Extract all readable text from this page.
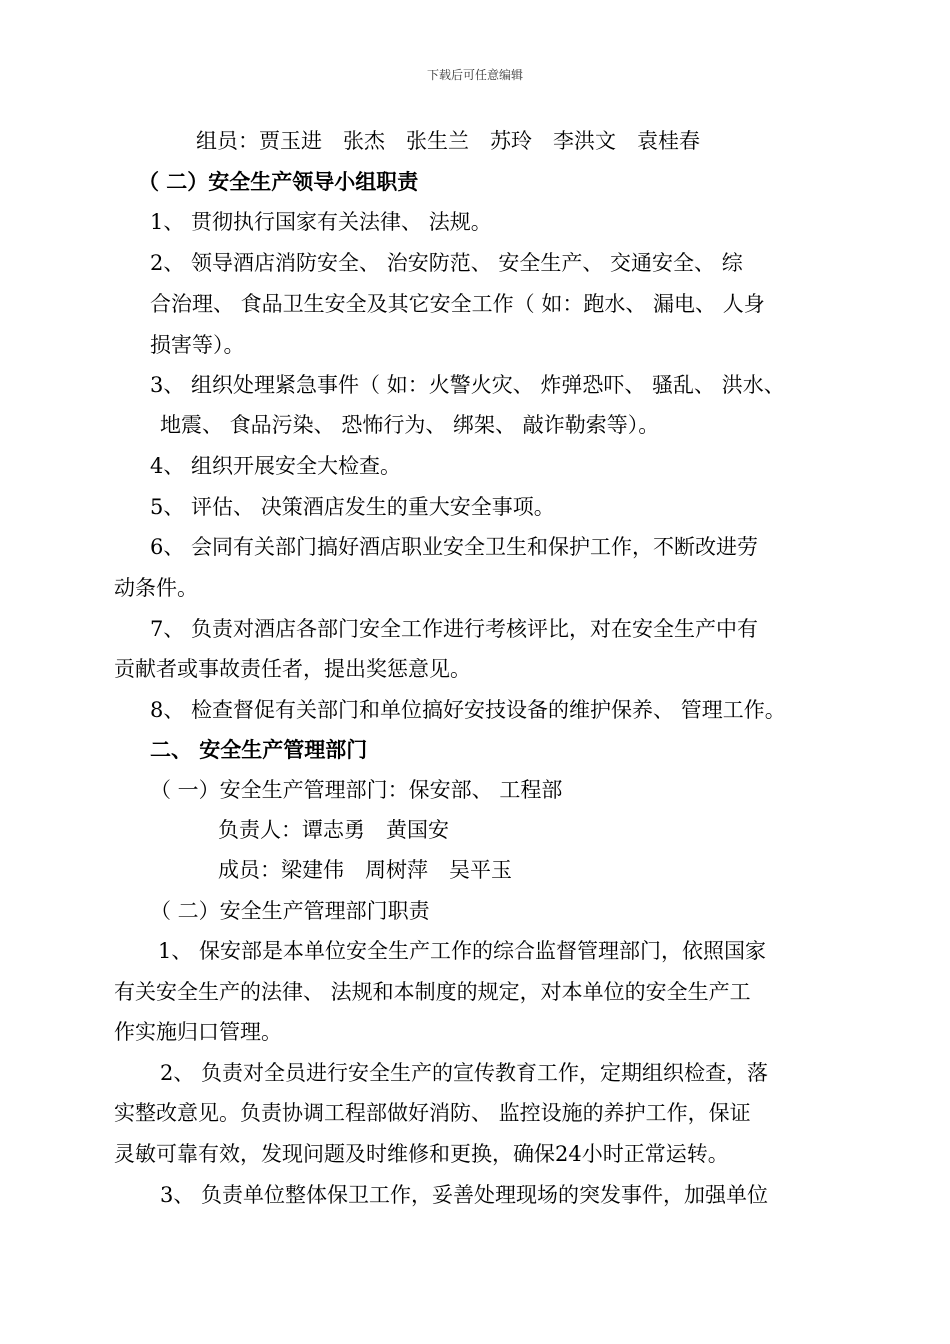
下载后可任意编辑
组员：贾玉进　张杰　张生兰　苏玲　李洪文　袁桂春
（ 二）安全生产领导小组职责
1、 贯彻执行国家有关法律、 法规。
2、 领导酒店消防安全、 治安防范、 安全生产、 交通安全、 综
合治理、 食品卫生安全及其它安全工作（ 如：跑水、 漏电、 人身
损害等）。
3、 组织处理紧急事件（ 如：火警火灾、 炸弹恐吓、 骚乱、 洪水、
地震、 食品污染、 恐怖行为、 绑架、 敲诈勒索等）。
4、 组织开展安全大检查。
5、 评估、 决策酒店发生的重大安全事项。
6、 会同有关部门搞好酒店职业安全卫生和保护工作，不断改进劳
动条件。
7、 负责对酒店各部门安全工作进行考核评比，对在安全生产中有
贡献者或事故责任者，提出奖惩意见。
8、 检查督促有关部门和单位搞好安技设备的维护保养、 管理工作。
二、 安全生产管理部门
（ 一）安全生产管理部门：保安部、 工程部
负责人：谭志勇　黄国安
成员：梁建伟　周树萍　吴平玉
（ 二）安全生产管理部门职责
1、 保安部是本单位安全生产工作的综合监督管理部门，依照国家
有关安全生产的法律、 法规和本制度的规定，对本单位的安全生产工
作实施归口管理。
2、 负责对全员进行安全生产的宣传教育工作，定期组织检查，落
实整改意见。负责协调工程部做好消防、 监控设施的养护工作，保证
灵敏可靠有效，发现问题及时维修和更换，确保24小时正常运转。
3、 负责单位整体保卫工作，妥善处理现场的突发事件，加强单位
